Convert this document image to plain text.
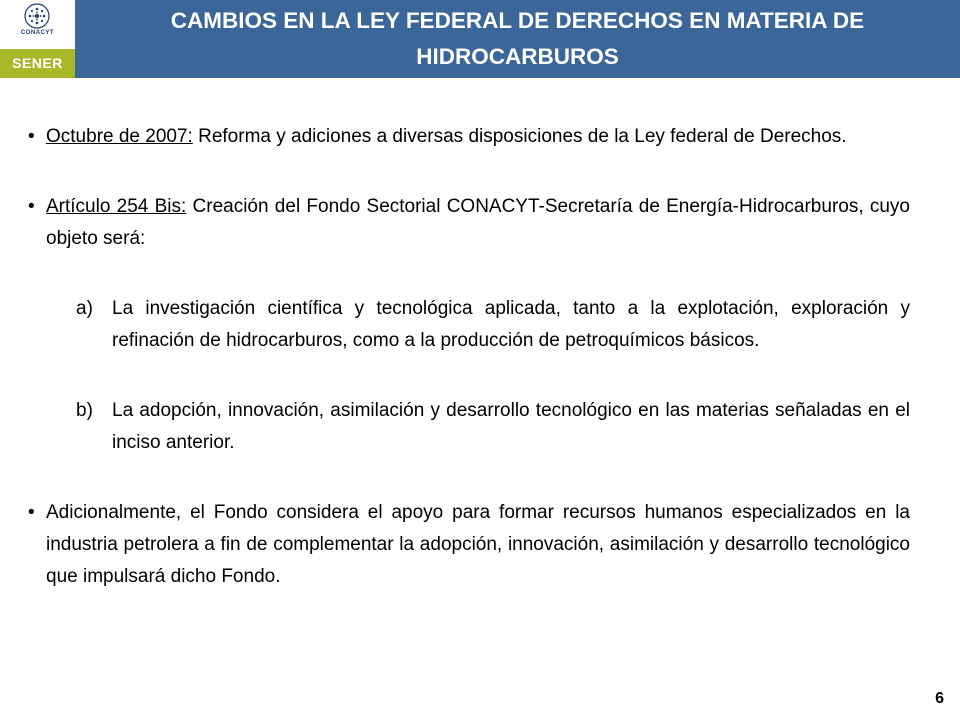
CONACYT
SENER
CAMBIOS EN LA LEY FEDERAL DE DERECHOS EN MATERIA DE HIDROCARBUROS
• Octubre de 2007: Reforma y adiciones a diversas disposiciones de la Ley federal de Derechos.
• Artículo 254 Bis: Creación del Fondo Sectorial CONACYT-Secretaría de Energía-Hidrocarburos, cuyo objeto será:
a) La investigación científica y tecnológica aplicada, tanto a la explotación, exploración y refinación de hidrocarburos, como a la producción de petroquímicos básicos.
b) La adopción, innovación, asimilación y desarrollo tecnológico en las materias señaladas en el inciso anterior.
• Adicionalmente, el Fondo considera el apoyo para formar recursos humanos especializados en la industria petrolera a fin de complementar la adopción, innovación, asimilación y desarrollo tecnológico que impulsará dicho Fondo.
6
